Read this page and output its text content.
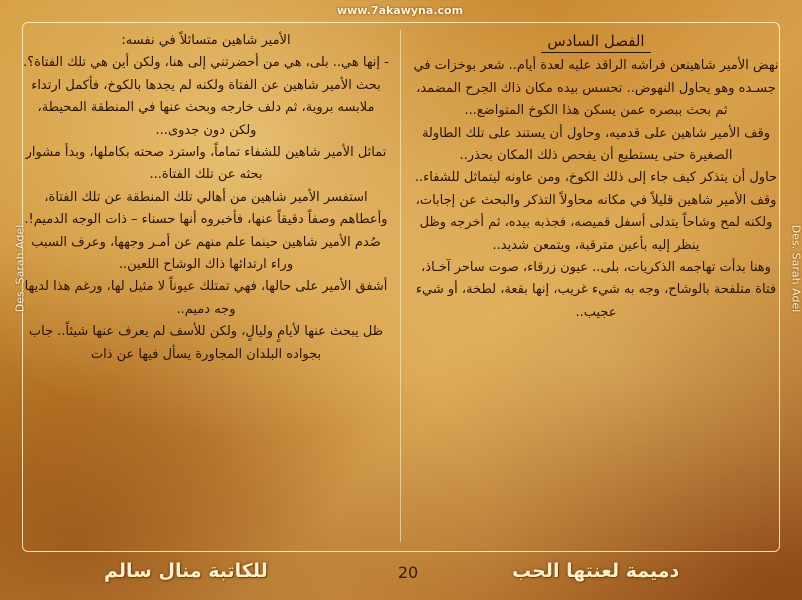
www.7akawyna.com
Des. Sarah Adel	Des. Sarah Adel
الفصل السادس

نهض الأمير شاهينعن فراشه الراقد عليه لعدة أيام.. شعر بوخزات في جسـده وهو يحاول النهوض.. تحسس بيده مكان ذاك الجرح المضمد، ثم بحث ببصره عمن يسكن هذا الكوخ المتواضع...

وقف الأمير شاهين على قدميه، وحاول أن يستند على تلك الطاولة الصغيرة حتى يستطيع أن يفحص ذلك المكان بحذر..

حاول أن يتذكر كيف جاء إلى ذلك الكوخ، ومن عاونه ليتماثل للشفاء..

وقف الأمير شاهين قليلاً في مكانه محاولاً التذكر والبحث عن إجابات، ولكنه لمح وشاحاً يتدلى أسفل قميصه، فجذبه بيده، ثم أخرجه وظل ينظر إليه بأعين مترقبة، ويتمعن شديد..

وهنا بدأت تهاجمه الذكريات، بلى.. عيون زرقاء، صوت ساحر آخـاذ، فتاة متلفحة بالوشاح، وجه به شيء غريب، إنها بقعة، لطخة، أو شيء عجيب..

الأمير شاهين متسائلاً في نفسه:

- إنها هي.. بلى، هي من أحضرتني إلى هنا، ولكن أين هي تلك الفتاة؟.

بحث الأمير شاهين عن الفتاة ولكنه لم يجدها بالكوخ، فأكمل ارتداء ملابسه بروية، ثم دلف خارجه وبحث عنها في المنطقة المحيطة، ولكن دون جدوى...

تماثل الأمير شاهين للشفاء تماماً، واسترد صحته بكاملها، وبدأ مشوار بحثه عن تلك الفتاة...

استفسر الأمير شاهين من أهالي تلك المنطقة عن تلك الفتاة، وأعطاهم وصفاً دقيقاً عنها، فأخبروه أنها حسناء – ذات الوجه الدميم!.

صُدم الأمير شاهين حينما علم منهم عن أمـر وجهها، وعرف السبب وراء ارتدائها ذاك الوشاح اللعين..

أشفق الأمير على حالها، فهي تمتلك عيوناً لا مثيل لها، ورغم هذا لديها وجه دميم..

ظل يبحث عنها لأيامٍ وليالٍ، ولكن للأسف لم يعرف عنها شيئاً.. جاب بجواده البلدان المجاورة يسأل فيها عن ذات

دميمة لعنتها الحب
20
للكاتبة منال سالم
